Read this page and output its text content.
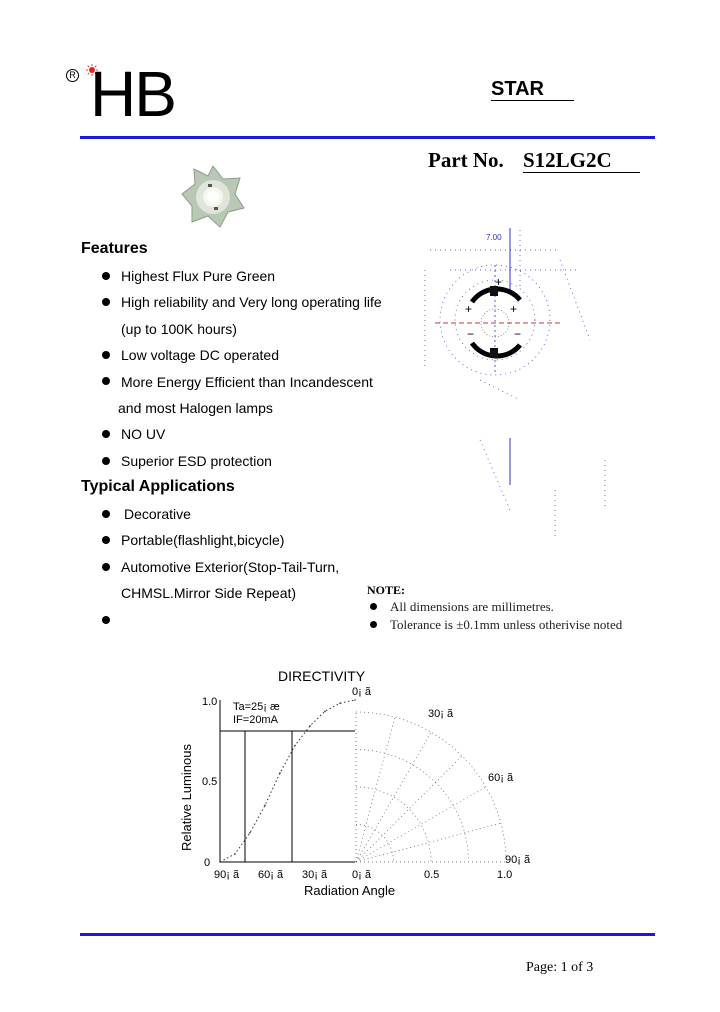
R HB	STAR
Part No. S12LG2C
Features
Highest Flux Pure Green
High reliability and Very long operating life
(up to 100K hours)
Low voltage DC operated
More Energy Efficient than Incandescent
and most Halogen lamps
NO UV
Superior ESD protection
Typical Applications
Decorative
Portable(flashlight,bicycle)
Automotive Exterior(Stop-Tail-Turn,
CHMSL.Mirror Side Repeat)
7.00
+	+
+
−	−
−
NOTE:
All dimensions are millimetres.
Tolerance is ±0.1mm unless otherivise noted
DIRECTIVITY
Ta=25¡ æ
IF=20mA
1.0
0.5
0
Relative Luminous
90¡ ã 60¡ ã 30¡ ã 0¡ ã	0.5	1.0
Radiation Angle
0¡ ã
30¡ ã
60¡ ã
90¡ ã
Page: 1 of 3
